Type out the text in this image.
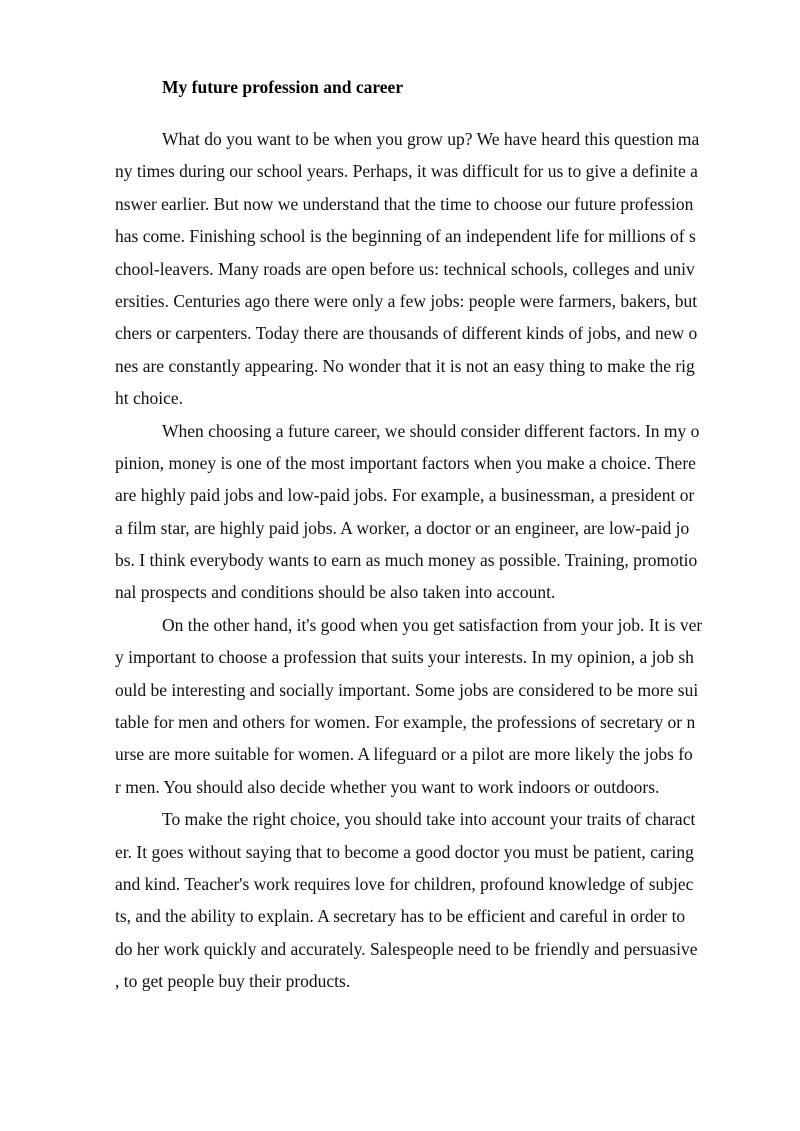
My future profession and career
What do you want to be when you grow up? We have heard this question ma
ny times during our school years. Perhaps, it was difficult for us to give a definite a
nswer earlier. But now we understand that the time to choose our future profession
has come. Finishing school is the beginning of an independent life for millions of s
chool-leavers. Many roads are open before us: technical schools, colleges and univ
ersities. Centuries ago there were only a few jobs: people were farmers, bakers, but
chers or carpenters. Today there are thousands of different kinds of jobs, and new o
nes are constantly appearing. No wonder that it is not an easy thing to make the rig
ht choice.
When choosing a future career, we should consider different factors. In my o
pinion, money is one of the most important factors when you make a choice. There
are highly paid jobs and low-paid jobs. For example, a businessman, a president or
a film star, are highly paid jobs. A worker, a doctor or an engineer, are low-paid jo
bs. I think everybody wants to earn as much money as possible. Training, promotio
nal prospects and conditions should be also taken into account.
On the other hand, it's good when you get satisfaction from your job. It is ver
y important to choose a profession that suits your interests. In my opinion, a job sh
ould be interesting and socially important. Some jobs are considered to be more sui
table for men and others for women. For example, the professions of secretary or n
urse are more suitable for women. A lifeguard or a pilot are more likely the jobs fo
r men. You should also decide whether you want to work indoors or outdoors.
To make the right choice, you should take into account your traits of charact
er. It goes without saying that to become a good doctor you must be patient, caring
and kind. Teacher's work requires love for children, profound knowledge of subjec
ts, and the ability to explain. A secretary has to be efficient and careful in order to
do her work quickly and accurately. Salespeople need to be friendly and persuasive
, to get people buy their products.
